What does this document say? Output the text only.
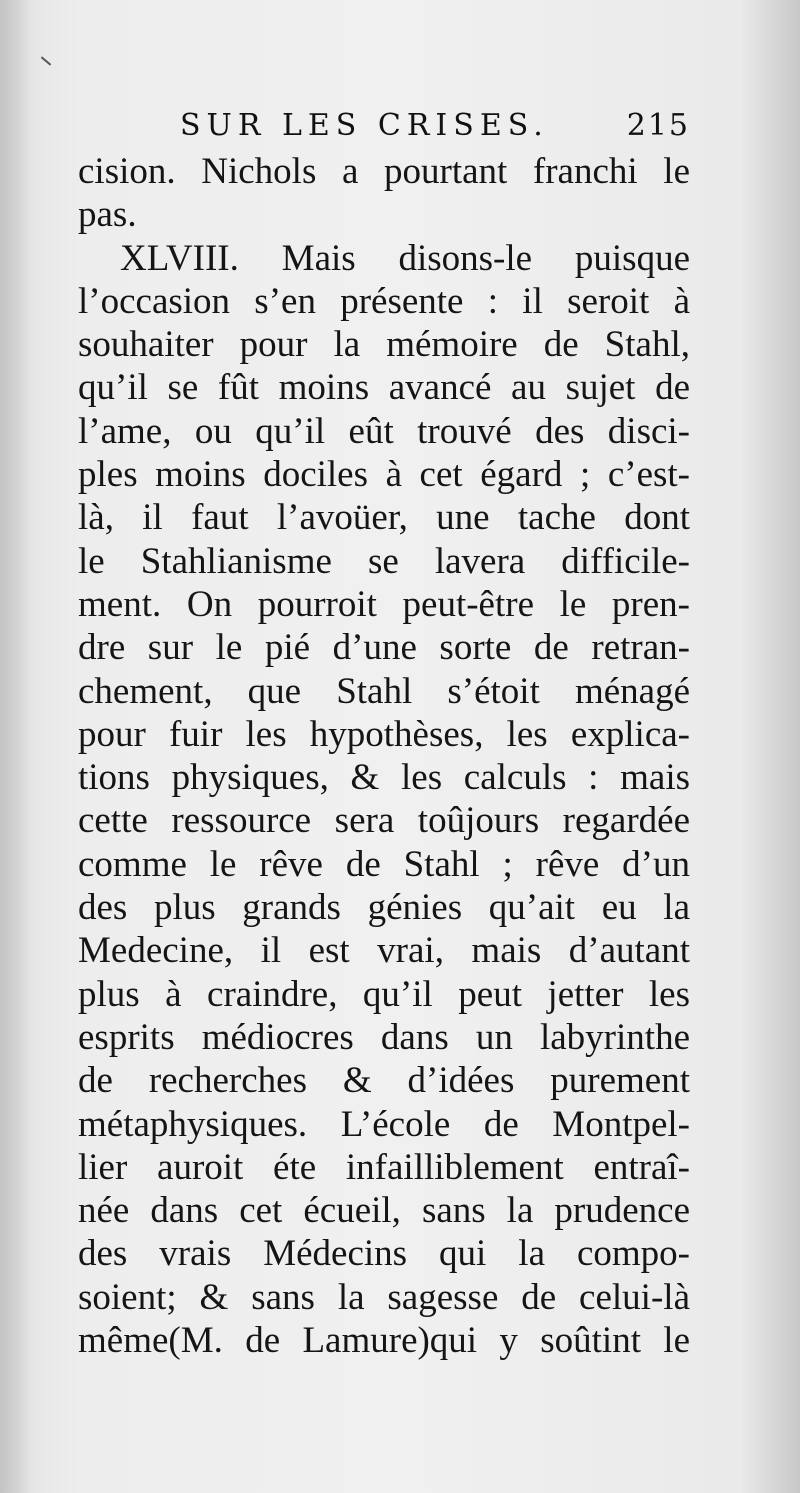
SUR LES CRISES.	215
cision. Nichols a pourtant franchi le
pas.
XLVIII. Mais disons-le puisque
l’occasion s’en présente : il seroit à
souhaiter pour la mémoire de Stahl,
qu’il se fût moins avancé au sujet de
l’ame, ou qu’il eût trouvé des disci-
ples moins dociles à cet égard ; c’est-
là, il faut l’avoüer, une tache dont
le Stahlianisme se lavera difficile-
ment. On pourroit peut-être le pren-
dre sur le pié d’une sorte de retran-
chement, que Stahl s’étoit ménagé
pour fuir les hypothèses, les explica-
tions physiques, & les calculs : mais
cette ressource sera toûjours regardée
comme le rêve de Stahl ; rêve d’un
des plus grands génies qu’ait eu la
Medecine, il est vrai, mais d’autant
plus à craindre, qu’il peut jetter les
esprits médiocres dans un labyrinthe
de recherches & d’idées purement
métaphysiques. L’école de Montpel-
lier auroit éte infailliblement entraî-
née dans cet écueil, sans la prudence
des vrais Médecins qui la compo-
soient; & sans la sagesse de celui-là
même(M. de Lamure)qui y soûtint le
